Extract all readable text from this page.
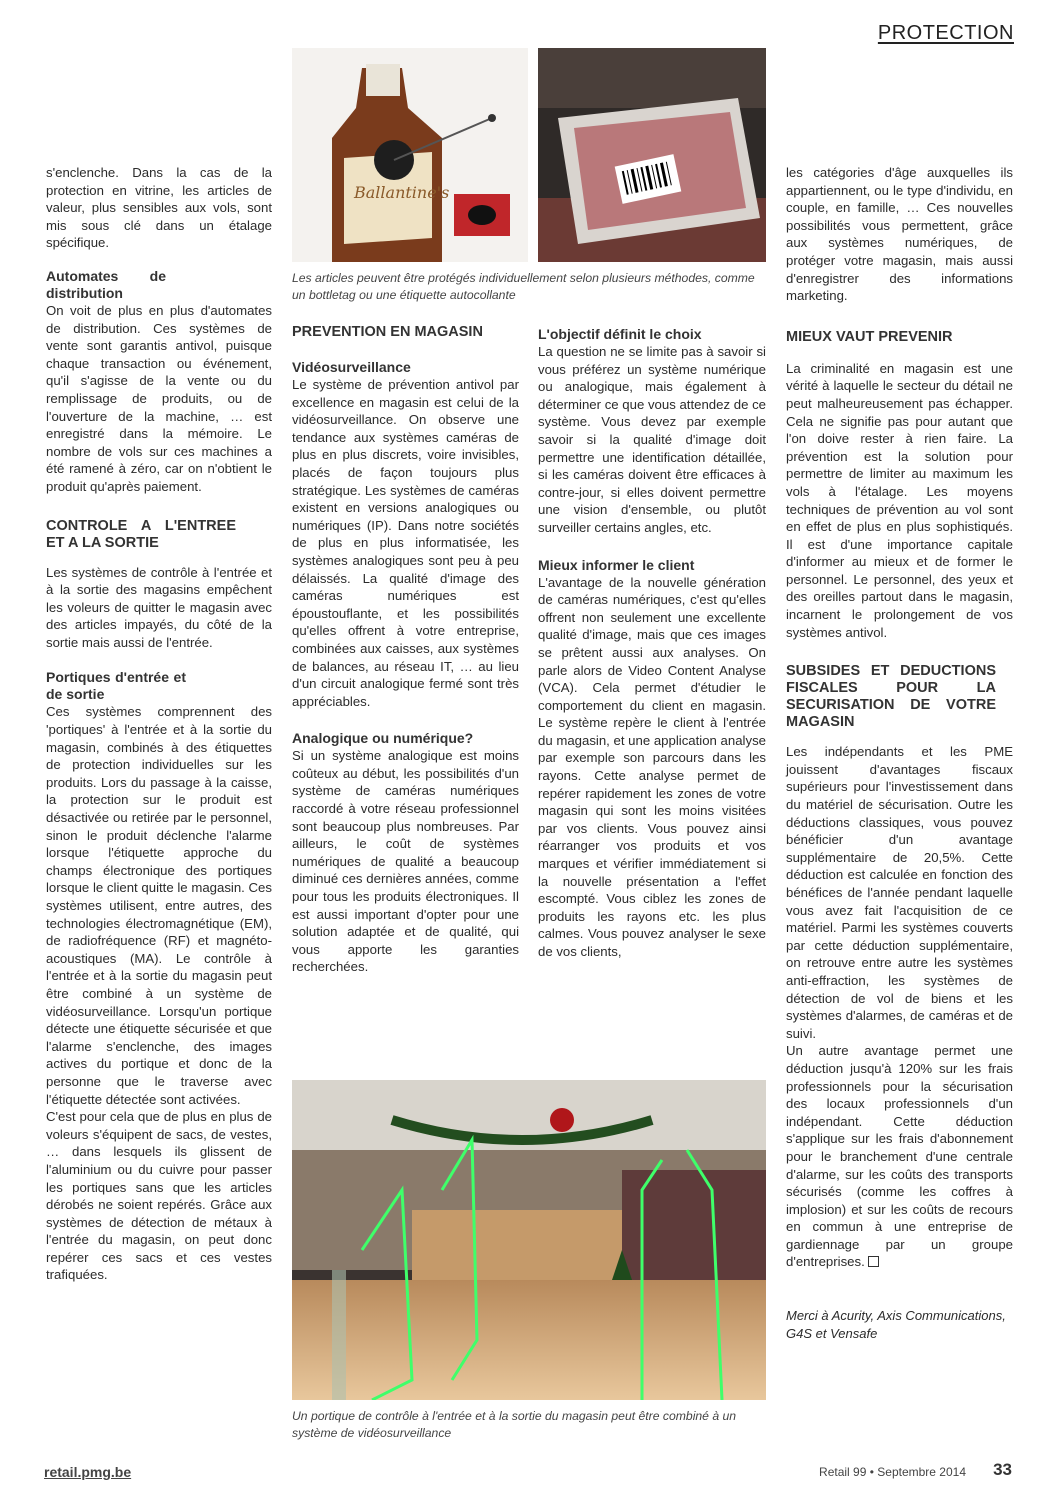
PROTECTION
Ballantine's
Les articles peuvent être protégés individuellement selon plusieurs méthodes, comme un bottletag ou une étiquette autocollante

s'enclenche. Dans la cas de la protection en vitrine, les articles de valeur, plus sensibles aux vols, sont mis sous clé dans un étalage spécifique.

Automates de distribution

On voit de plus en plus d'automates de distribution. Ces systèmes de vente sont garantis antivol, puisque chaque transaction ou événement, qu'il s'agisse de la vente ou du remplissage de produits, ou de l'ouverture de la machine, … est enregistré dans la mémoire. Le nombre de vols sur ces machines a été ramené à zéro, car on n'obtient le produit qu'après paiement.

CONTROLE A L'ENTREE ET A LA SORTIE

Les systèmes de contrôle à l'entrée et à la sortie des magasins empêchent les voleurs de quitter le magasin avec des articles impayés, du côté de la sortie mais aussi de l'entrée.

Portiques d'entrée et de sortie

Ces systèmes comprennent des 'portiques' à l'entrée et à la sortie du magasin, combinés à des étiquettes de protection individuelles sur les produits. Lors du passage à la caisse, la protection sur le produit est désactivée ou retirée par le personnel, sinon le produit déclenche l'alarme lorsque l'étiquette approche du champs électronique des portiques lorsque le client quitte le magasin. Ces systèmes utilisent, entre autres, des technologies électromagnétique (EM), de radiofréquence (RF) et magnéto-acoustiques (MA). Le contrôle à l'entrée et à la sortie du magasin peut être combiné à un système de vidéosurveillance. Lorsqu'un portique détecte une étiquette sécurisée et que l'alarme s'enclenche, des images actives du portique et donc de la personne que le traverse avec l'étiquette détectée sont activées.

C'est pour cela que de plus en plus de voleurs s'équipent de sacs, de vestes, … dans lesquels ils glissent de l'aluminium ou du cuivre pour passer les portiques sans que les articles dérobés ne soient repérés. Grâce aux systèmes de détection de métaux à l'entrée du magasin, on peut donc repérer ces sacs et ces vestes trafiquées.

PREVENTION EN MAGASIN
Vidéosurveillance

Le système de prévention antivol par excellence en magasin est celui de la vidéosurveillance. On observe une tendance aux systèmes caméras de plus en plus discrets, voire invisibles, placés de façon toujours plus stratégique. Les systèmes de caméras existent en versions analogiques ou numériques (IP). Dans notre sociétés de plus en plus informatisée, les systèmes analogiques sont peu à peu délaissés. La qualité d'image des caméras numériques est époustouflante, et les possibilités qu'elles offrent à votre entreprise, combinées aux caisses, aux systèmes de balances, au réseau IT, … au lieu d'un circuit analogique fermé sont très appréciables.

Analogique ou numérique?

Si un système analogique est moins coûteux au début, les possibilités d'un système de caméras numériques raccordé à votre réseau professionnel sont beaucoup plus nombreuses. Par ailleurs, le coût de systèmes numériques de qualité a beaucoup diminué ces dernières années, comme pour tous les produits électroniques. Il est aussi important d'opter pour une solution adaptée et de qualité, qui vous apporte les garanties recherchées.

L'objectif définit le choix

La question ne se limite pas à savoir si vous préférez un système numérique ou analogique, mais également à déterminer ce que vous attendez de ce système. Vous devez par exemple savoir si la qualité d'image doit permettre une identification détaillée, si les caméras doivent être efficaces à contre-jour, si elles doivent permettre une vision d'ensemble, ou plutôt surveiller certains angles, etc.

Mieux informer le client

L'avantage de la nouvelle génération de caméras numériques, c'est qu'elles offrent non seulement une excellente qualité d'image, mais que ces images se prêtent aussi aux analyses. On parle alors de Video Content Analyse (VCA). Cela permet d'étudier le comportement du client en magasin. Le système repère le client à l'entrée du magasin, et une application analyse par exemple son parcours dans les rayons. Cette analyse permet de repérer rapidement les zones de votre magasin qui sont les moins visitées par vos clients. Vous pouvez ainsi réarranger vos produits et vos marques et vérifier immédiatement si la nouvelle présentation a l'effet escompté. Vous ciblez les zones de produits les rayons etc. les plus calmes. Vous pouvez analyser le sexe de vos clients,

Un portique de contrôle à l'entrée et à la sortie du magasin peut être combiné à un système de vidéosurveillance

les catégories d'âge auxquelles ils appartiennent, ou le type d'individu, en couple, en famille, … Ces nouvelles possibilités vous permettent, grâce aux systèmes numériques, de protéger votre magasin, mais aussi d'enregistrer des informations marketing.

MIEUX VAUT PREVENIR

La criminalité en magasin est une vérité à laquelle le secteur du détail ne peut malheureusement pas échapper. Cela ne signifie pas pour autant que l'on doive rester à rien faire. La prévention est la solution pour permettre de limiter au maximum les vols à l'étalage. Les moyens techniques de prévention au vol sont en effet de plus en plus sophistiqués. Il est d'une importance capitale d'informer au mieux et de former le personnel. Le personnel, des yeux et des oreilles partout dans le magasin, incarnent le prolongement de vos systèmes antivol.

SUBSIDES ET DEDUCTIONS FISCALES POUR LA SECURISATION DE VOTRE MAGASIN

Les indépendants et les PME jouissent d'avantages fiscaux supérieurs pour l'investissement dans du matériel de sécurisation. Outre les déductions classiques, vous pouvez bénéficier d'un avantage supplémentaire de 20,5%. Cette déduction est calculée en fonction des bénéfices de l'année pendant laquelle vous avez fait l'acquisition de ce matériel. Parmi les systèmes couverts par cette déduction supplémentaire, on retrouve entre autre les systèmes anti-effraction, les systèmes de détection de vol de biens et les systèmes d'alarmes, de caméras et de suivi.

Un autre avantage permet une déduction jusqu'à 120% sur les frais professionnels pour la sécurisation des locaux professionnels d'un indépendant. Cette déduction s'applique sur les frais d'abonnement pour le branchement d'une centrale d'alarme, sur les coûts des transports sécurisés (comme les coffres à implosion) et sur les coûts de recours en commun à une entreprise de gardiennage par un groupe d'entreprises.

Merci à Acurity, Axis Communications, G4S et Vensafe
retail.pmg.be	Retail 99 • Septembre 2014 33
